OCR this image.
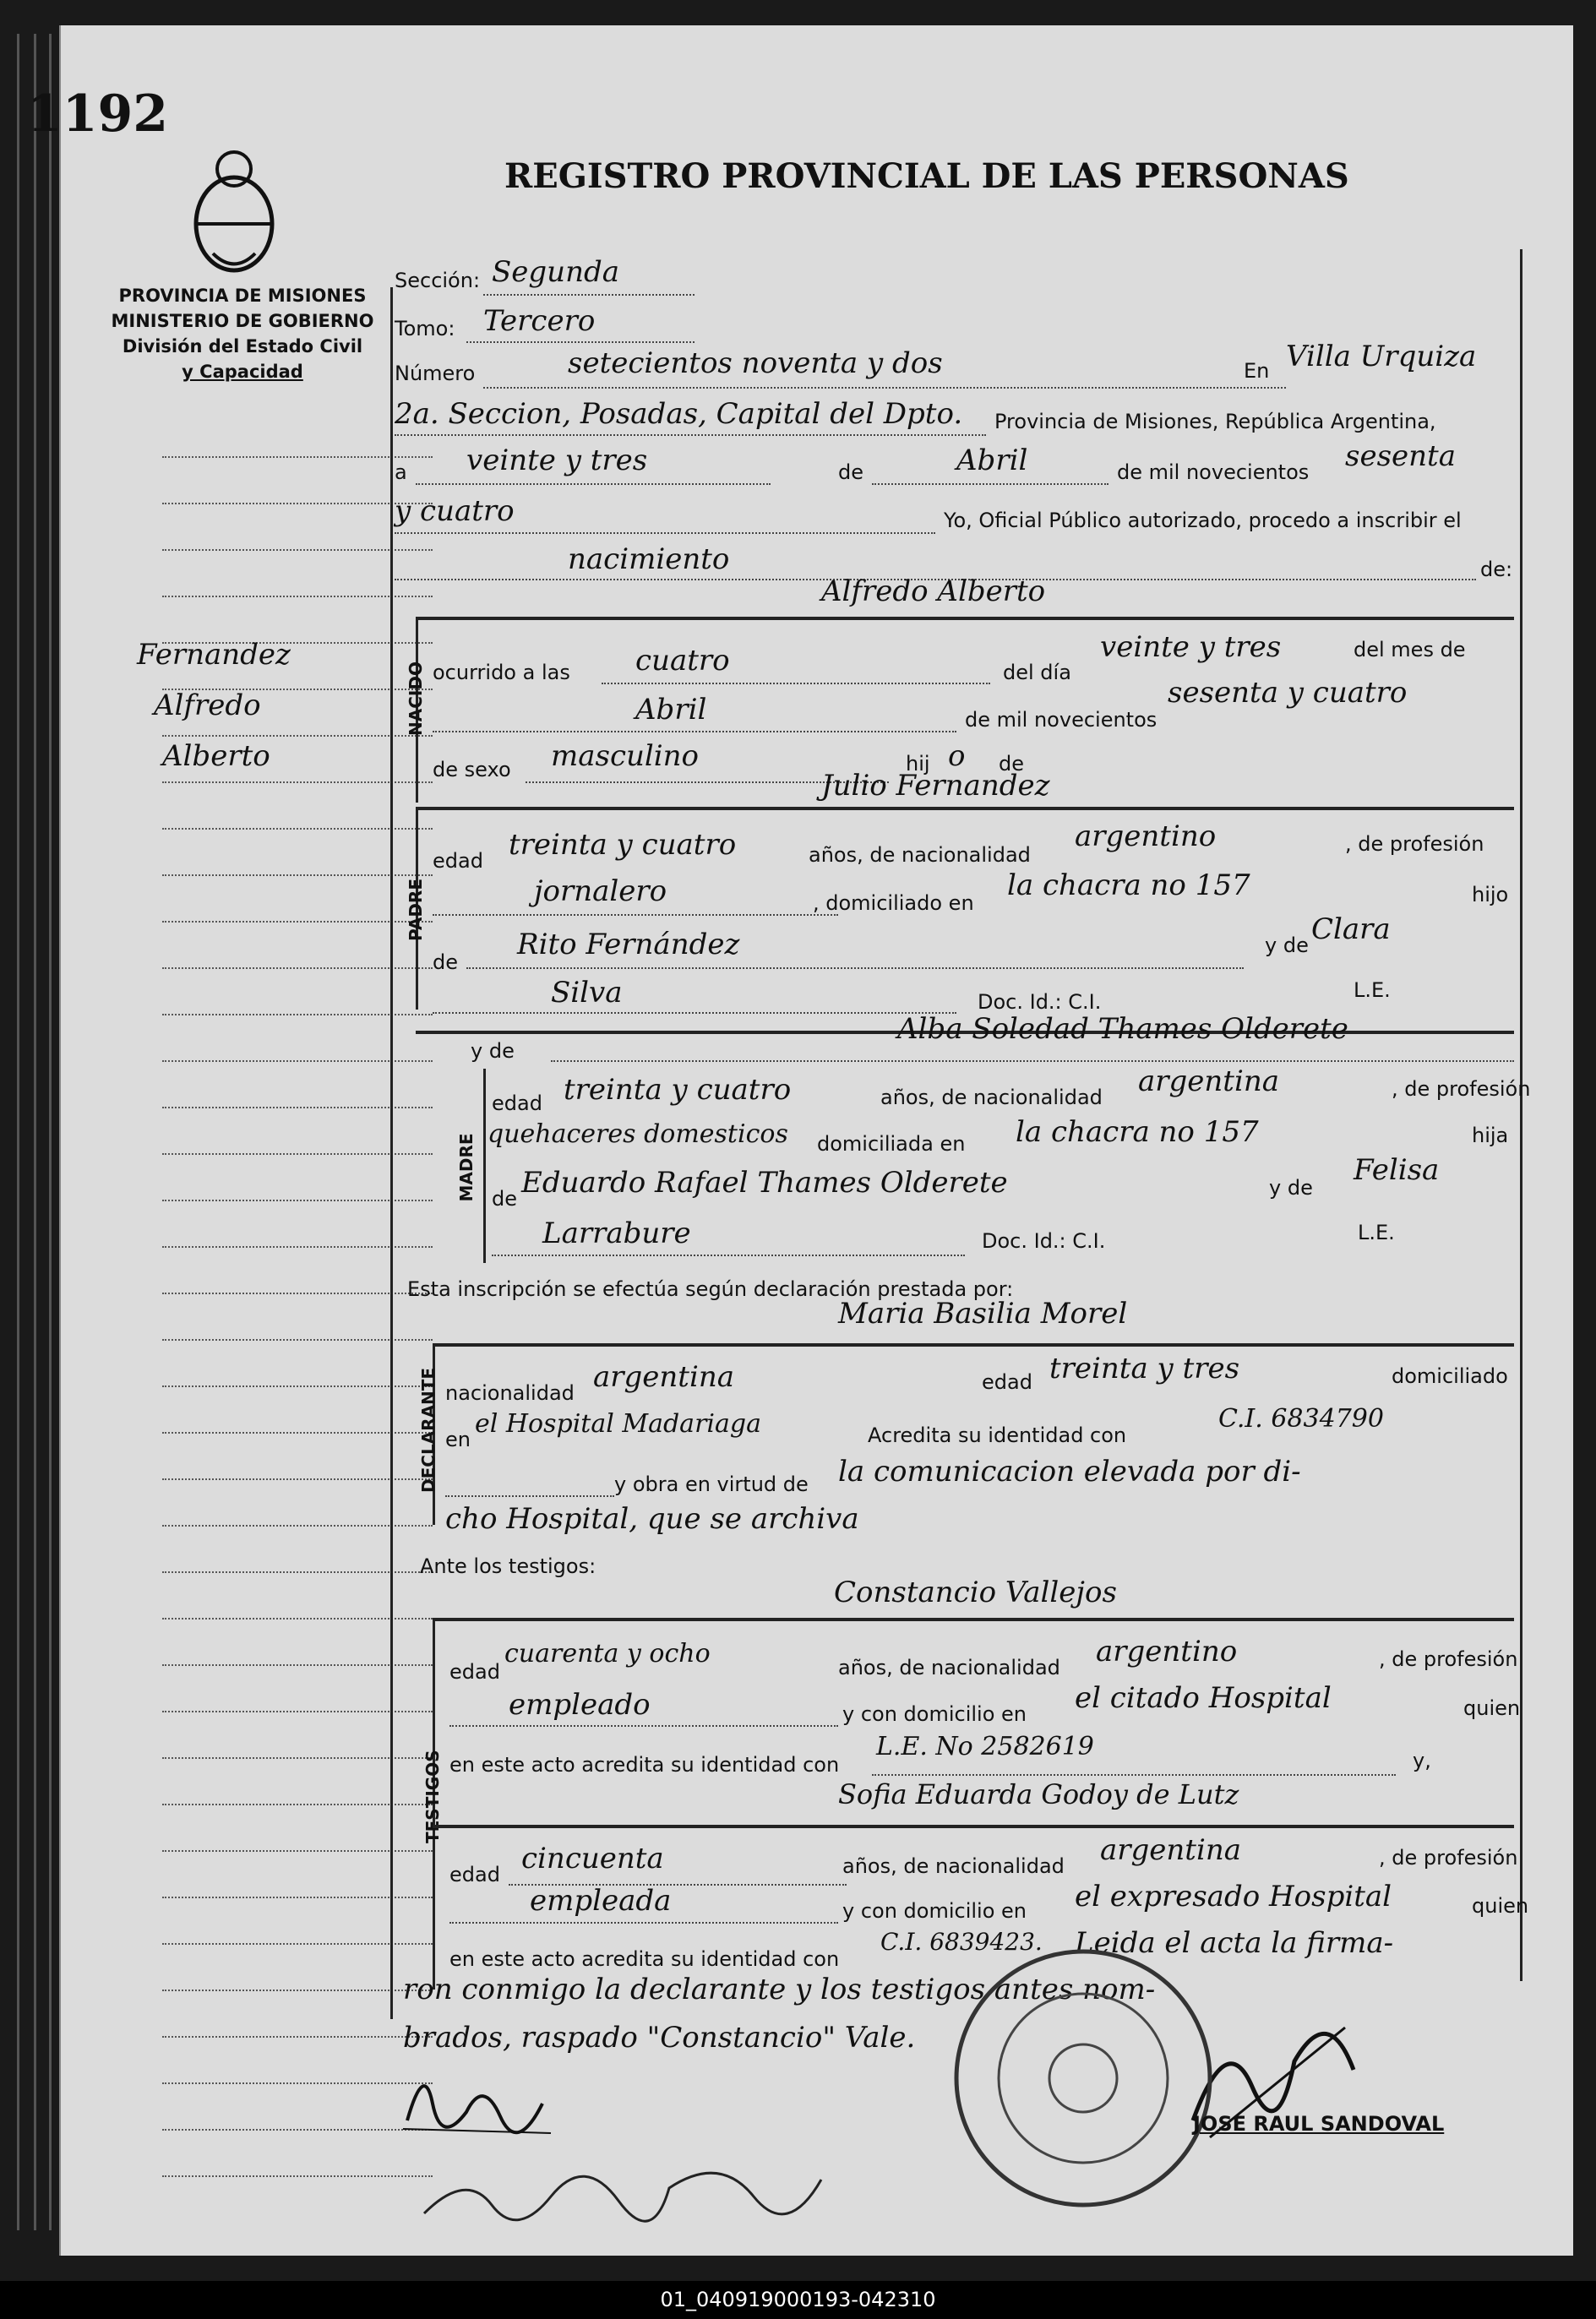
1192
PROVINCIA DE MISIONES
MINISTERIO DE GOBIERNO
División del Estado Civil
y Capacidad
REGISTRO PROVINCIAL DE LAS PERSONAS
Fernandez
Alfredo
Alberto
Sección: Segunda
Tomo: Tercero
Número	setecientos noventa y dos	En Villa Urquiza
2a. Seccion, Posadas, Capital del Dpto. Provincia de Misiones, República Argentina,
a veinte y tres	de	Abril	de mil novecientos sesenta
y cuatro	Yo, Oficial Público autorizado, procedo a inscribir el
nacimiento	de:
NACIDO
Alfredo Alberto
ocurrido a las cuatro	del día
veinte y tres	del mes de
Abril	de mil novecientos
sesenta y cuatro
de sexo masculino	hij o de
Julio Fernandez
PADRE
edad treinta y cuatro	años, de nacionalidad
argentino	, de profesión
jornalero	, domiciliado en
la chacra no 157	hijo
de
Rito Fernández	y de Clara
Silva	Doc. Id.: C.I.	L.E.
y de
Alba Soledad Thames Olderete
MADRE
edad treinta y cuatro	años, de nacionalidad argentina	, de profesión
quehaceres domesticos domiciliada en la chacra no 157	hija
de Eduardo Rafael Thames Olderete	y de
Felisa
Larrabure	Doc. Id.: C.I.	L.E.
Esta inscripción se efectúa según declaración prestada por:
Maria Basilia Morel
DECLARANTE nacionalidad argentina	edad treinta y tres	domiciliado
en
el Hospital Madariaga	Acredita su identidad con
C.I. 6834790
y obra en virtud de la comunicacion elevada por di-
cho Hospital, que se archiva
Ante los testigos:
Constancio Vallejos
TESTIGOS
edad
cuarenta y ocho	años, de nacionalidad argentino	, de profesión
empleado	y con domicilio en el citado Hospital	quien
en este acto acredita su identidad con
L.E. No 2582619	y,
Sofia Eduarda Godoy de Lutz
edad cincuenta	años, de nacionalidad argentina	, de profesión
empleada	y con domicilio en el expresado Hospital	quien
en este acto acredita su identidad con
C.I. 6839423. Leida el acta la firma-
ron conmigo la declarante y los testigos antes nom-
brados, raspado "Constancio" Vale.
JOSE RAUL SANDOVAL
01_040919000193-042310
